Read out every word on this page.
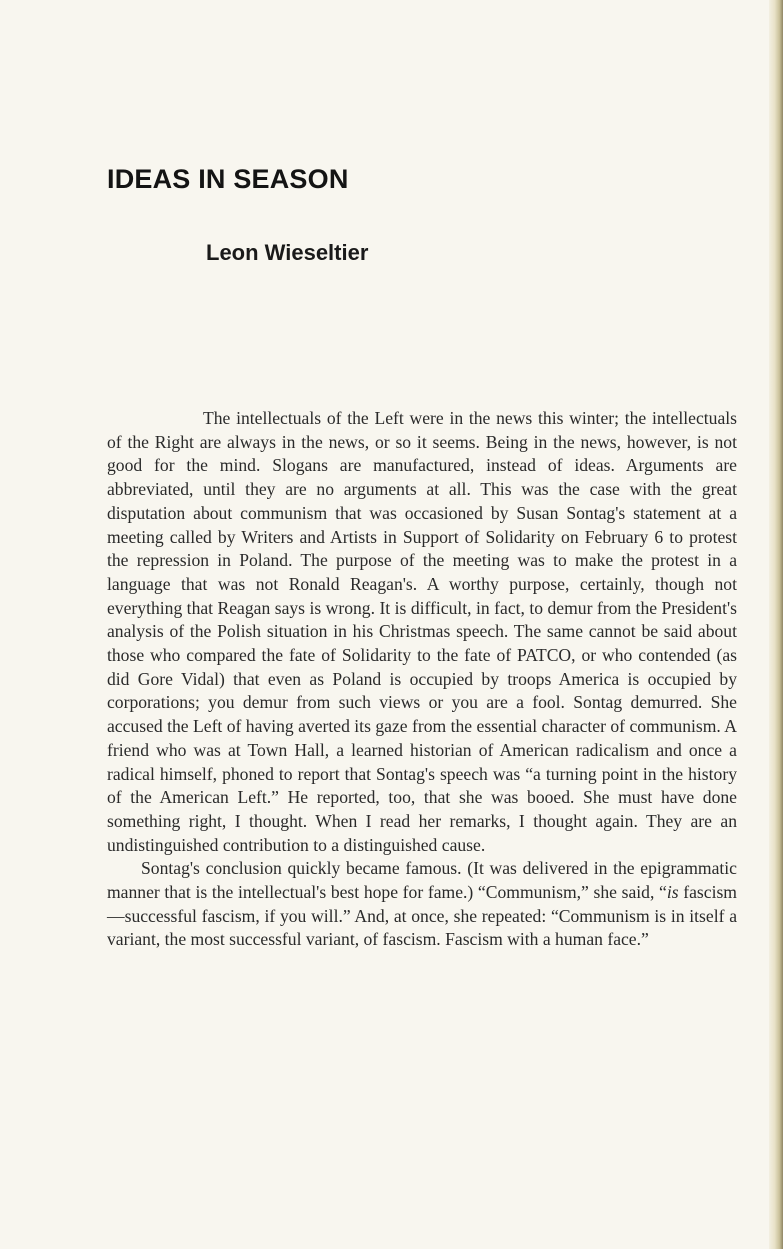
IDEAS IN SEASON
Leon Wieseltier

The intellectuals of the Left were in the news this winter; the intellectuals of the Right are always in the news, or so it seems. Being in the news, however, is not good for the mind. Slogans are manufactured, instead of ideas. Arguments are abbreviated, until they are no arguments at all. This was the case with the great disputation about communism that was occasioned by Susan Sontag's statement at a meeting called by Writers and Artists in Support of Solidarity on February 6 to protest the repression in Poland. The purpose of the meeting was to make the protest in a language that was not Ronald Reagan's. A worthy purpose, certainly, though not everything that Reagan says is wrong. It is difficult, in fact, to demur from the President's analysis of the Polish situation in his Christmas speech. The same cannot be said about those who compared the fate of Solidarity to the fate of PATCO, or who contended (as did Gore Vidal) that even as Poland is occupied by troops America is occupied by corporations; you demur from such views or you are a fool. Sontag demurred. She accused the Left of having averted its gaze from the essential character of communism. A friend who was at Town Hall, a learned historian of American radicalism and once a radical himself, phoned to report that Sontag's speech was “a turning point in the history of the American Left.” He reported, too, that she was booed. She must have done something right, I thought. When I read her remarks, I thought again. They are an undistinguished contribution to a distinguished cause.

Sontag's conclusion quickly became famous. (It was delivered in the epigrammatic manner that is the intellectual's best hope for fame.) “Communism,” she said, “is fascism—successful fascism, if you will.” And, at once, she repeated: “Communism is in itself a variant, the most successful variant, of fascism. Fascism with a human face.”
